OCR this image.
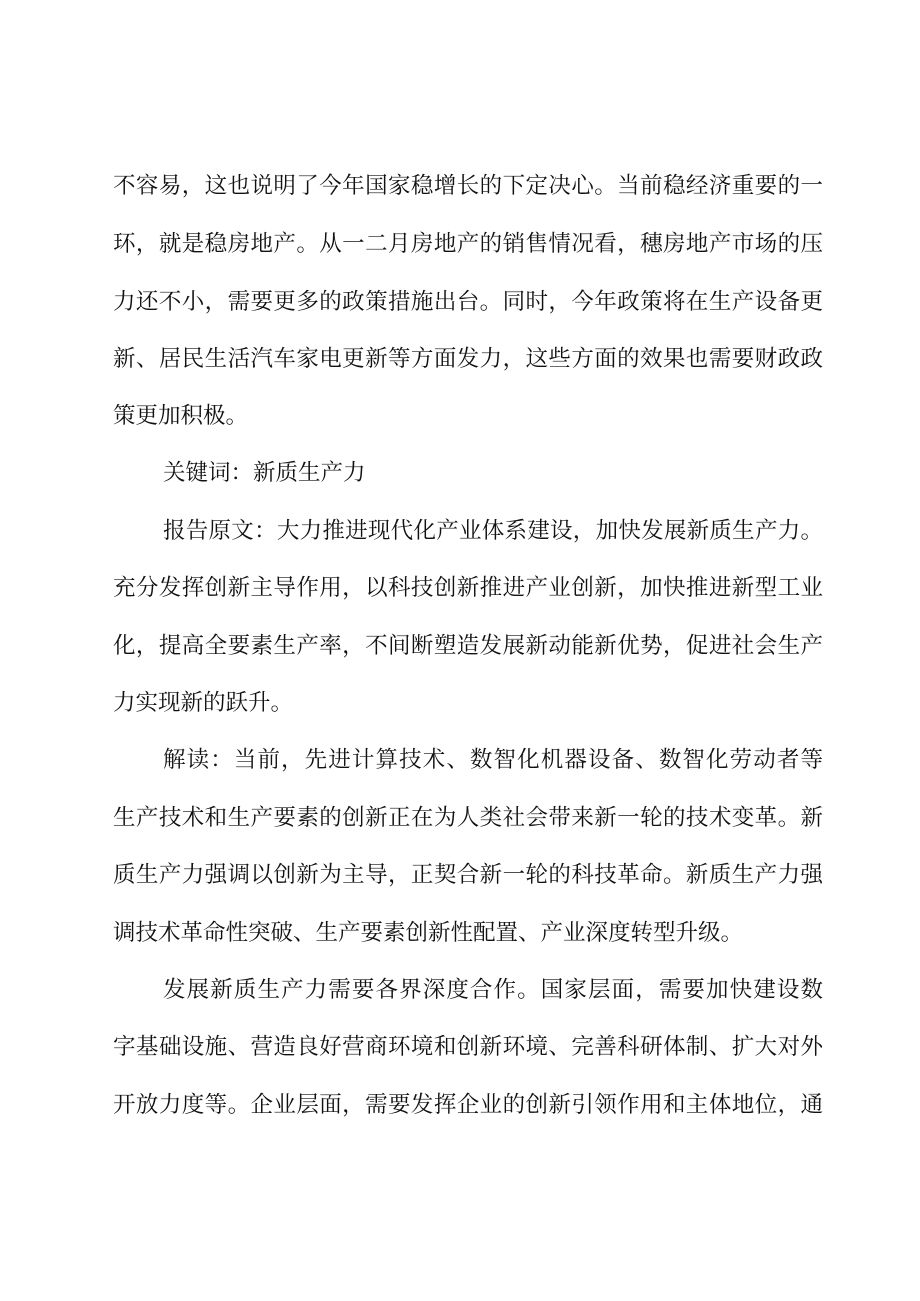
不容易，这也说明了今年国家稳增长的下定决心。当前稳经济重要的一
环，就是稳房地产。从一二月房地产的销售情况看，穗房地产市场的压
力还不小，需要更多的政策措施出台。同时，今年政策将在生产设备更
新、居民生活汽车家电更新等方面发力，这些方面的效果也需要财政政
策更加积极。
关键词：新质生产力
报告原文：大力推进现代化产业体系建设，加快发展新质生产力。
充分发挥创新主导作用，以科技创新推进产业创新，加快推进新型工业
化，提高全要素生产率，不间断塑造发展新动能新优势，促进社会生产
力实现新的跃升。
解读：当前，先进计算技术、数智化机器设备、数智化劳动者等
生产技术和生产要素的创新正在为人类社会带来新一轮的技术变革。新
质生产力强调以创新为主导，正契合新一轮的科技革命。新质生产力强
调技术革命性突破、生产要素创新性配置、产业深度转型升级。
发展新质生产力需要各界深度合作。国家层面，需要加快建设数
字基础设施、营造良好营商环境和创新环境、完善科研体制、扩大对外
开放力度等。企业层面，需要发挥企业的创新引领作用和主体地位，通
